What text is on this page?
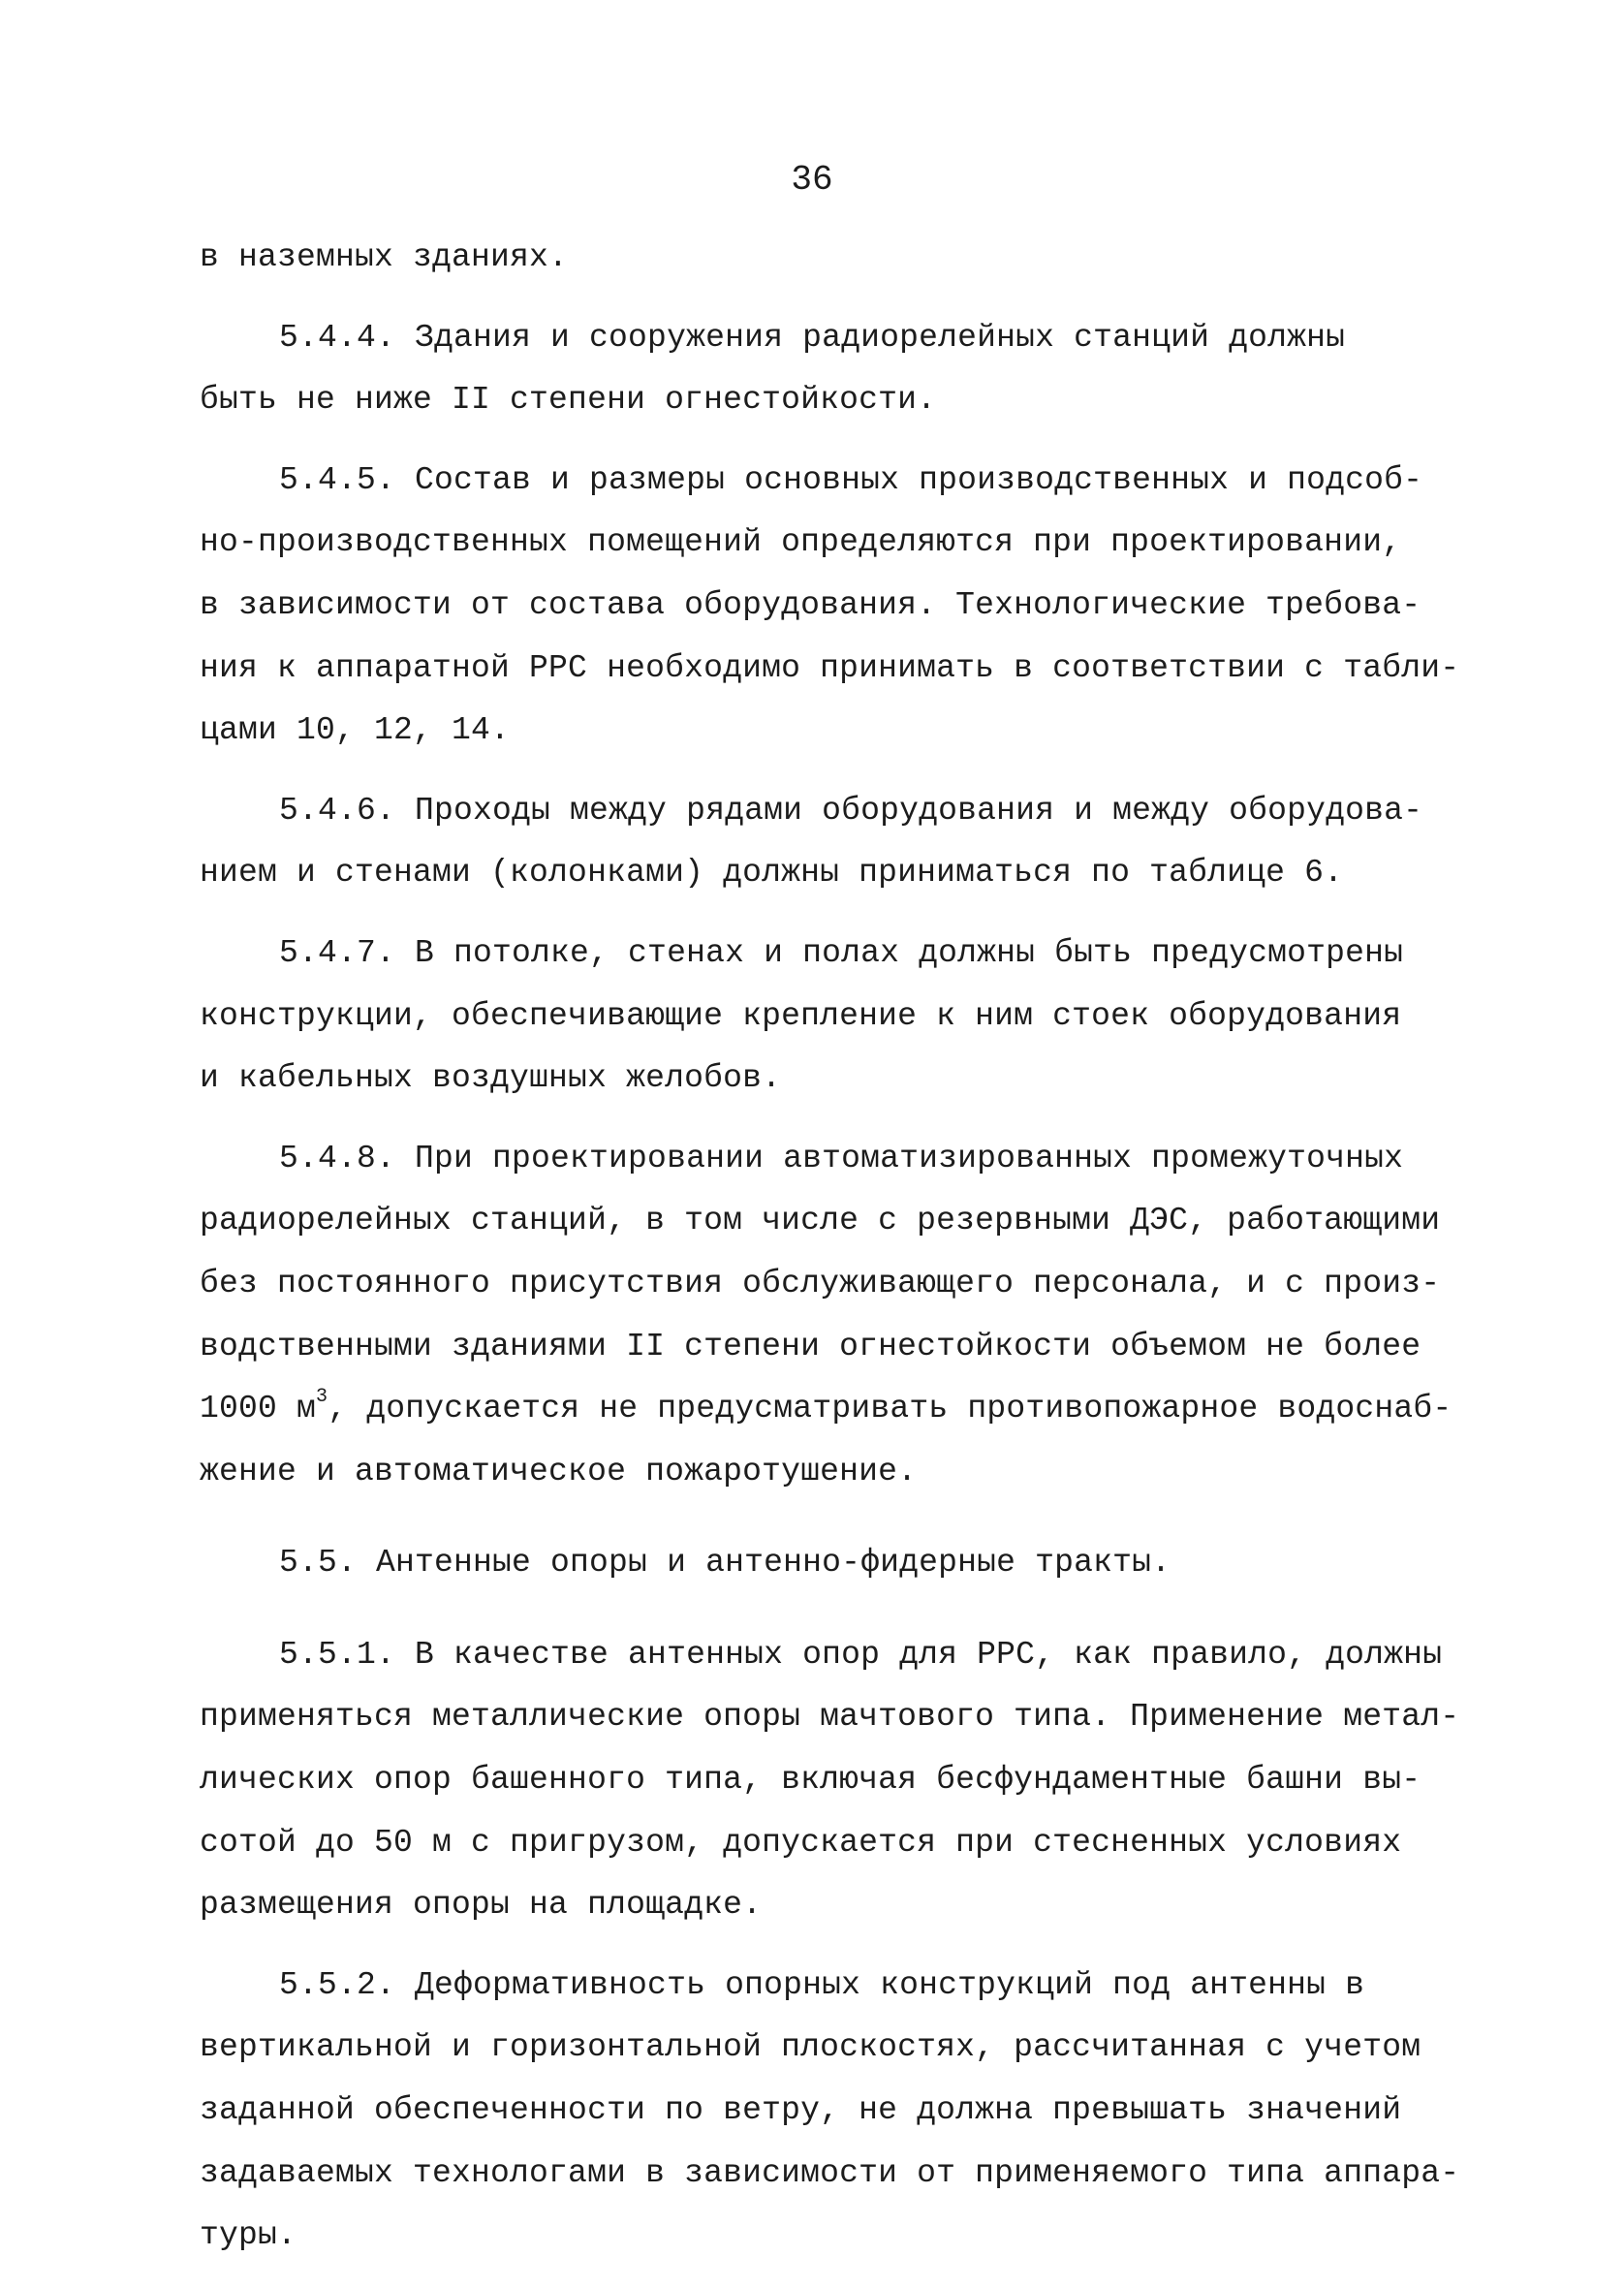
36
в наземных зданиях.
5.4.4. Здания и сооружения радиорелейных станций должны
быть не ниже II степени огнестойкости.
5.4.5. Состав и размеры основных производственных и подсоб-
но-производственных помещений определяются при проектировании,
в зависимости от состава оборудования. Технологические требова-
ния к аппаратной РРС необходимо принимать в соответствии с табли-
цами 10, 12, 14.
5.4.6. Проходы между рядами оборудования и между оборудова-
нием и стенами (колонками) должны приниматься по таблице 6.
5.4.7. В потолке, стенах и полах должны быть предусмотрены
конструкции, обеспечивающие крепление к ним стоек оборудования
и кабельных воздушных желобов.
5.4.8. При проектировании автоматизированных промежуточных
радиорелейных станций, в том числе с резервными ДЭС, работающими
без постоянного присутствия обслуживающего персонала, и с произ-
водственными зданиями II степени огнестойкости объемом не более
1000 $м^3$, допускается не предусматривать противопожарное водоснаб-
жение и автоматическое пожаротушение.
5.5. Антенные опоры и антенно-фидерные тракты.
5.5.1. В качестве антенных опор для РРС, как правило, должны
применяться металлические опоры мачтового типа. Применение метал-
лических опор башенного типа, включая бесфундаментные башни вы-
сотой до 50 м с пригрузом, допускается при стесненных условиях
размещения опоры на площадке.
5.5.2. Деформативность опорных конструкций под антенны в
вертикальной и горизонтальной плоскостях, рассчитанная с учетом
заданной обеспеченности по ветру, не должна превышать значений
задаваемых технологами в зависимости от применяемого типа аппара-
туры.
